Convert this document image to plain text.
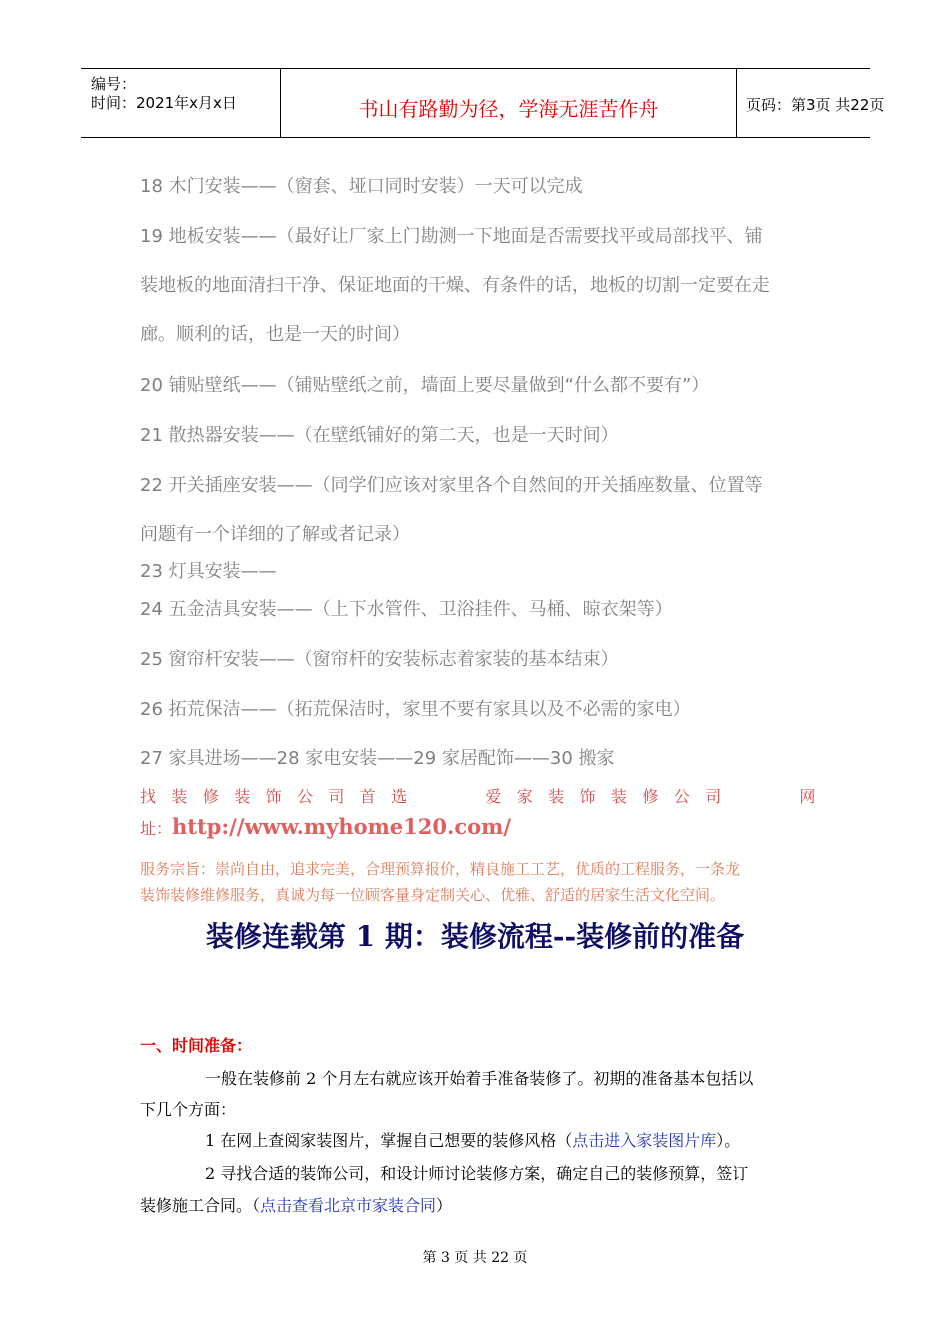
编号：
时间：2021年x月x日	书山有路勤为径，学海无涯苦作舟	页码：第3页 共22页
18 木门安装——（窗套、垭口同时安装）一天可以完成
19 地板安装——（最好让厂家上门勘测一下地面是否需要找平或局部找平、铺
装地板的地面清扫干净、保证地面的干燥、有条件的话，地板的切割一定要在走
廊。顺利的话，也是一天的时间）
20 铺贴壁纸——（铺贴壁纸之前，墙面上要尽量做到“什么都不要有”）
21 散热器安装——（在壁纸铺好的第二天，也是一天时间）
22 开关插座安装——（同学们应该对家里各个自然间的开关插座数量、位置等
问题有一个详细的了解或者记录）
23 灯具安装——
24 五金洁具安装——（上下水管件、卫浴挂件、马桶、晾衣架等）
25 窗帘杆安装——（窗帘杆的安装标志着家装的基本结束）
26 拓荒保洁——（拓荒保洁时，家里不要有家具以及不必需的家电）
27 家具进场——28 家电安装——29 家居配饰——30 搬家
找装修装饰公司首选　　爱家装饰装修公司　　网
址：http://www.myhome120.com/
服务宗旨：崇尚自由，追求完美，合理预算报价，精良施工工艺，优质的工程服务，一条龙
装饰装修维修服务，真诚为每一位顾客量身定制关心、优雅、舒适的居家生活文化空间。
装修连载第 1 期：装修流程--装修前的准备
一、时间准备：
一般在装修前 2 个月左右就应该开始着手准备装修了。初期的准备基本包括以
下几个方面：
1 在网上查阅家装图片，掌握自己想要的装修风格（点击进入家装图片库）。
2 寻找合适的装饰公司，和设计师讨论装修方案，确定自己的装修预算，签订
装修施工合同。（点击查看北京市家装合同）
第 3 页 共 22 页
